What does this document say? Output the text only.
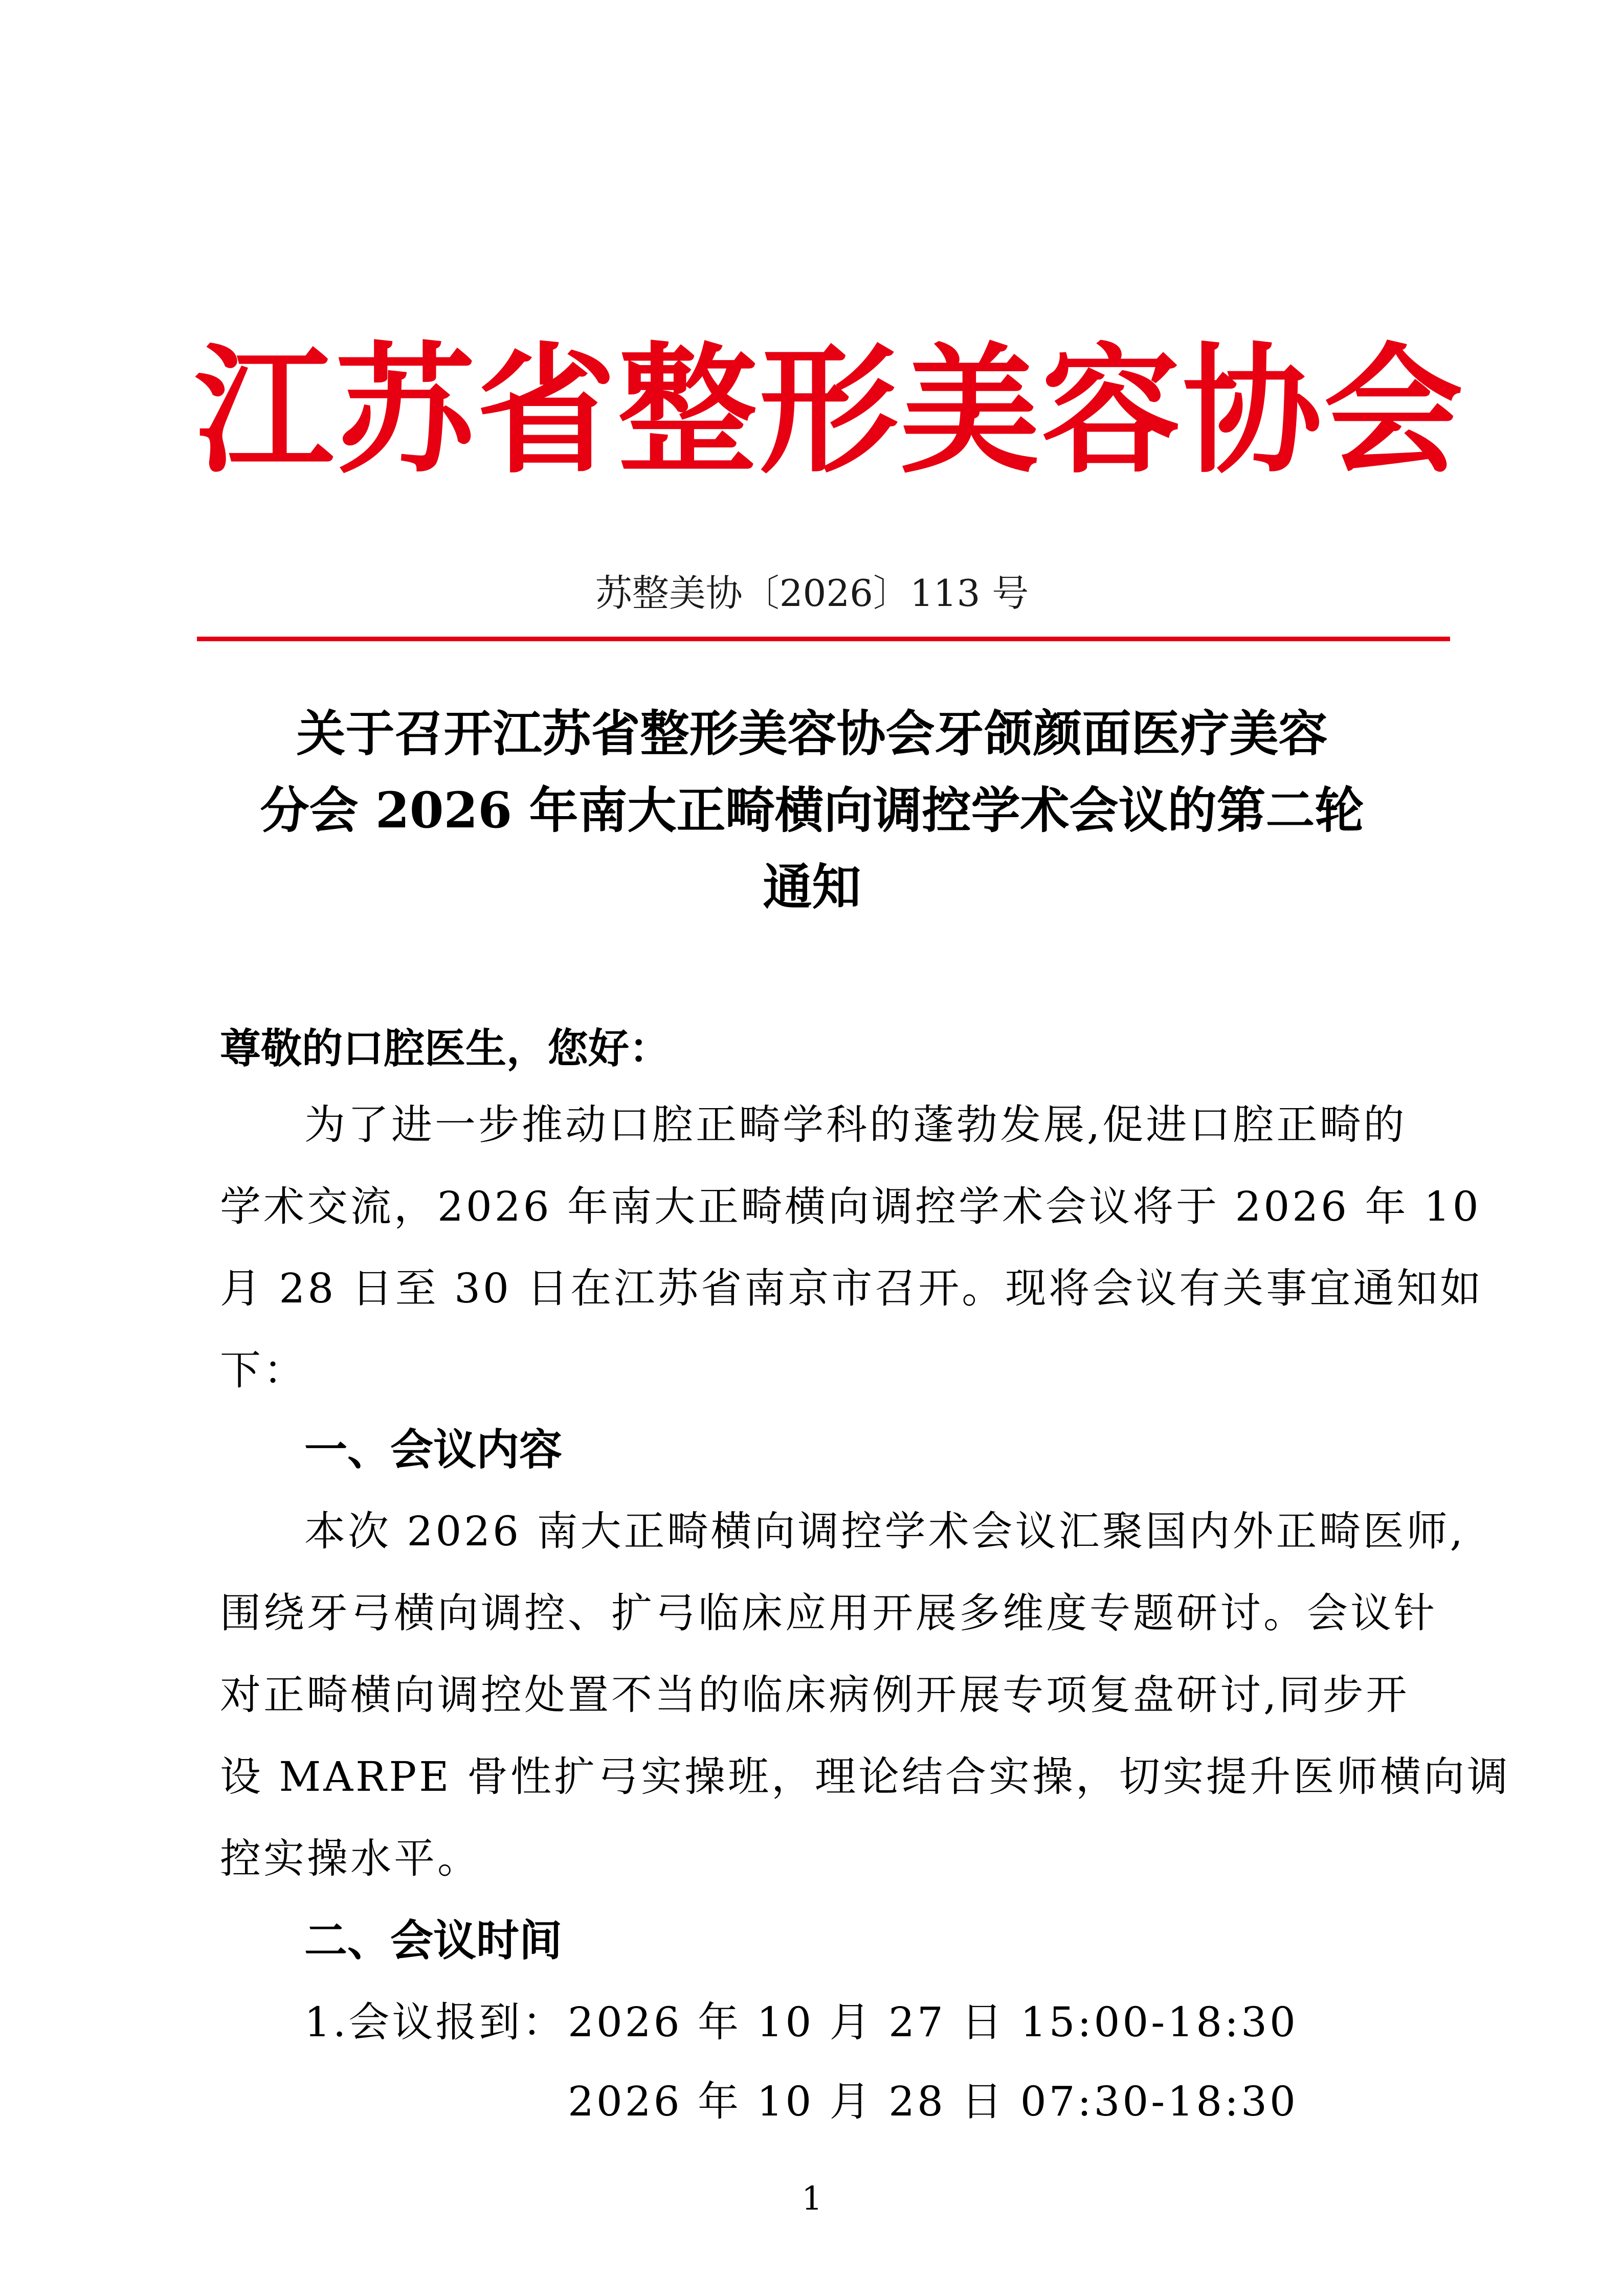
江苏省整形美容协会
苏整美协〔2026〕113 号
关于召开江苏省整形美容协会牙颌颜面医疗美容
分会 2026 年南大正畸横向调控学术会议的第二轮
通知
尊敬的口腔医生，您好：
为了进一步推动口腔正畸学科的蓬勃发展,促进口腔正畸的
学术交流，2026 年南大正畸横向调控学术会议将于 2026 年 10
月 28 日至 30 日在江苏省南京市召开。现将会议有关事宜通知如
下：
一、会议内容
本次 2026 南大正畸横向调控学术会议汇聚国内外正畸医师,
围绕牙弓横向调控、扩弓临床应用开展多维度专题研讨。会议针
对正畸横向调控处置不当的临床病例开展专项复盘研讨,同步开
设 MARPE 骨性扩弓实操班，理论结合实操，切实提升医师横向调
控实操水平。
二、会议时间
1.会议报到： 2026 年 10 月 27 日 15:00-18:30
2026 年 10 月 28 日 07:30-18:30
1
